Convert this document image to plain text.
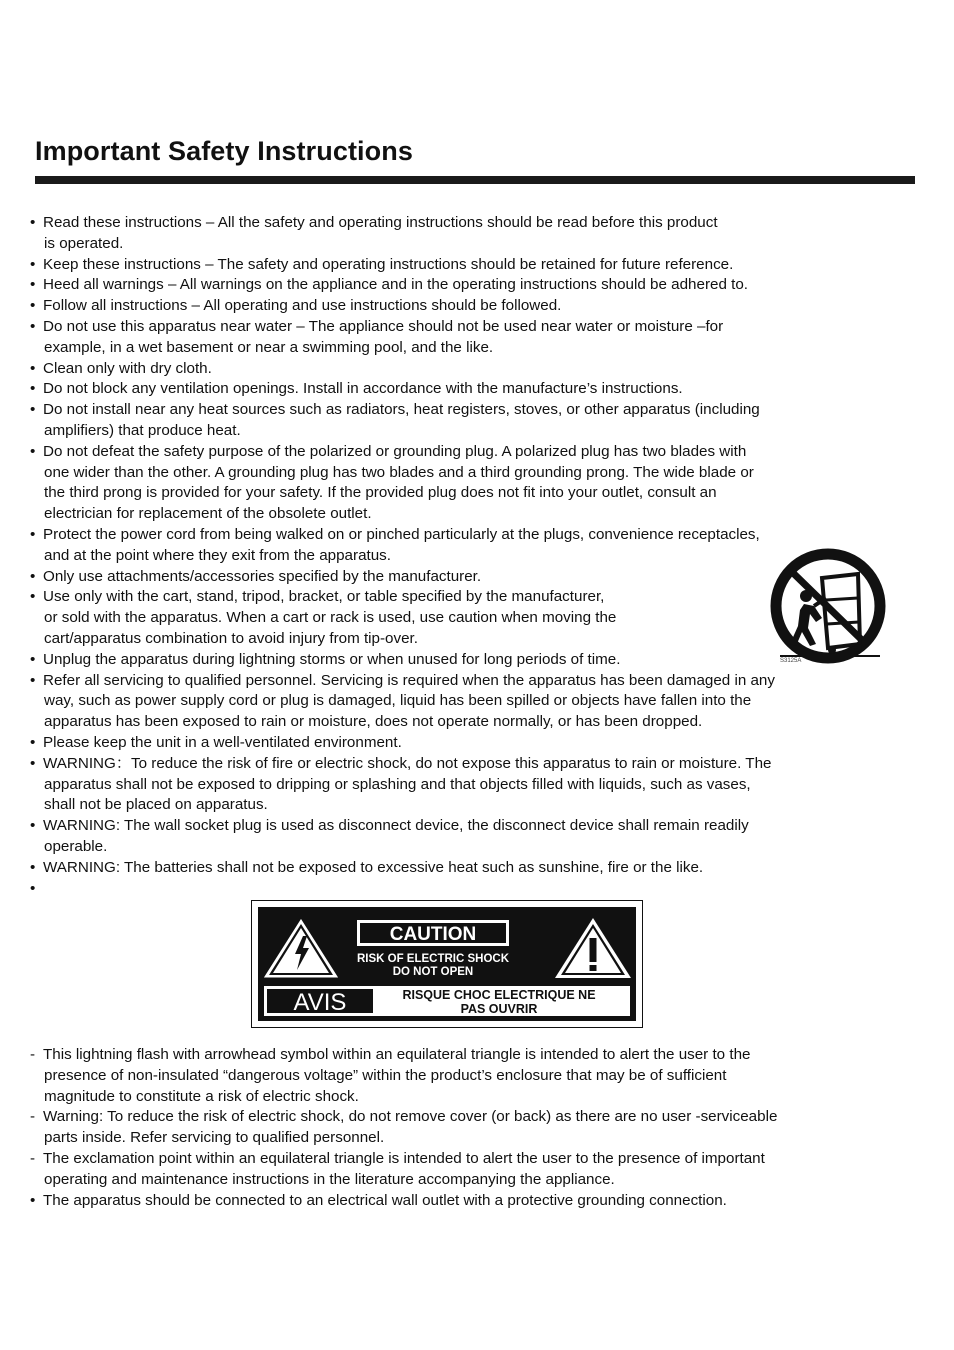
Important Safety Instructions
• Read these instructions – All the safety and operating instructions should be read before this product
is operated.
• Keep these instructions – The safety and operating instructions should be retained for future reference.
• Heed all warnings – All warnings on the appliance and in the operating instructions should be adhered to.
• Follow all instructions – All operating and use instructions should be followed.
• Do not use this apparatus near water – The appliance should not be used near water or moisture –for
example, in a wet basement or near a swimming pool, and the like.
• Clean only with dry cloth.
• Do not block any ventilation openings. Install in accordance with the manufacture’s instructions.
• Do not install near any heat sources such as radiators, heat registers, stoves, or other apparatus (including
amplifiers) that produce heat.
• Do not defeat the safety purpose of the polarized or grounding plug. A polarized plug has two blades with
one wider than the other. A grounding plug has two blades and a third grounding prong. The wide blade or
the third prong is provided for your safety. If the provided plug does not fit into your outlet, consult an
electrician for replacement of the obsolete outlet.
• Protect the power cord from being walked on or pinched particularly at the plugs, convenience receptacles,
and at the point where they exit from the apparatus.
• Only use attachments/accessories specified by the manufacturer.
• Use only with the cart, stand, tripod, bracket, or table specified by the manufacturer,
or sold with the apparatus. When a cart or rack is used, use caution when moving the
cart/apparatus combination to avoid injury from tip-over.
• Unplug the apparatus during lightning storms or when unused for long periods of time.
• Refer all servicing to qualified personnel. Servicing is required when the apparatus has been damaged in any
way, such as power supply cord or plug is damaged, liquid has been spilled or objects have fallen into the
apparatus has been exposed to rain or moisture, does not operate normally, or has been dropped.
• Please keep the unit in a well-ventilated environment.
• WARNING：To reduce the risk of fire or electric shock, do not expose this apparatus to rain or moisture. The
apparatus shall not be exposed to dripping or splashing and that objects filled with liquids, such as vases,
shall not be placed on apparatus.
• WARNING: The wall socket plug is used as disconnect device, the disconnect device shall remain readily
operable.
• WARNING: The batteries shall not be exposed to excessive heat such as sunshine, fire or the like.
•
S3125A
CAUTION
RISK OF ELECTRIC SHOCK
DO NOT OPEN
AVIS	RISQUE CHOC ELECTRIQUE NE
PAS OUVRIR
- This lightning flash with arrowhead symbol within an equilateral triangle is intended to alert the user to the
presence of non-insulated “dangerous voltage” within the product’s enclosure that may be of sufficient
magnitude to constitute a risk of electric shock.
- Warning: To reduce the risk of electric shock, do not remove cover (or back) as there are no user -serviceable
parts inside. Refer servicing to qualified personnel.
- The exclamation point within an equilateral triangle is intended to alert the user to the presence of important
operating and maintenance instructions in the literature accompanying the appliance.
• The apparatus should be connected to an electrical wall outlet with a protective grounding connection.
